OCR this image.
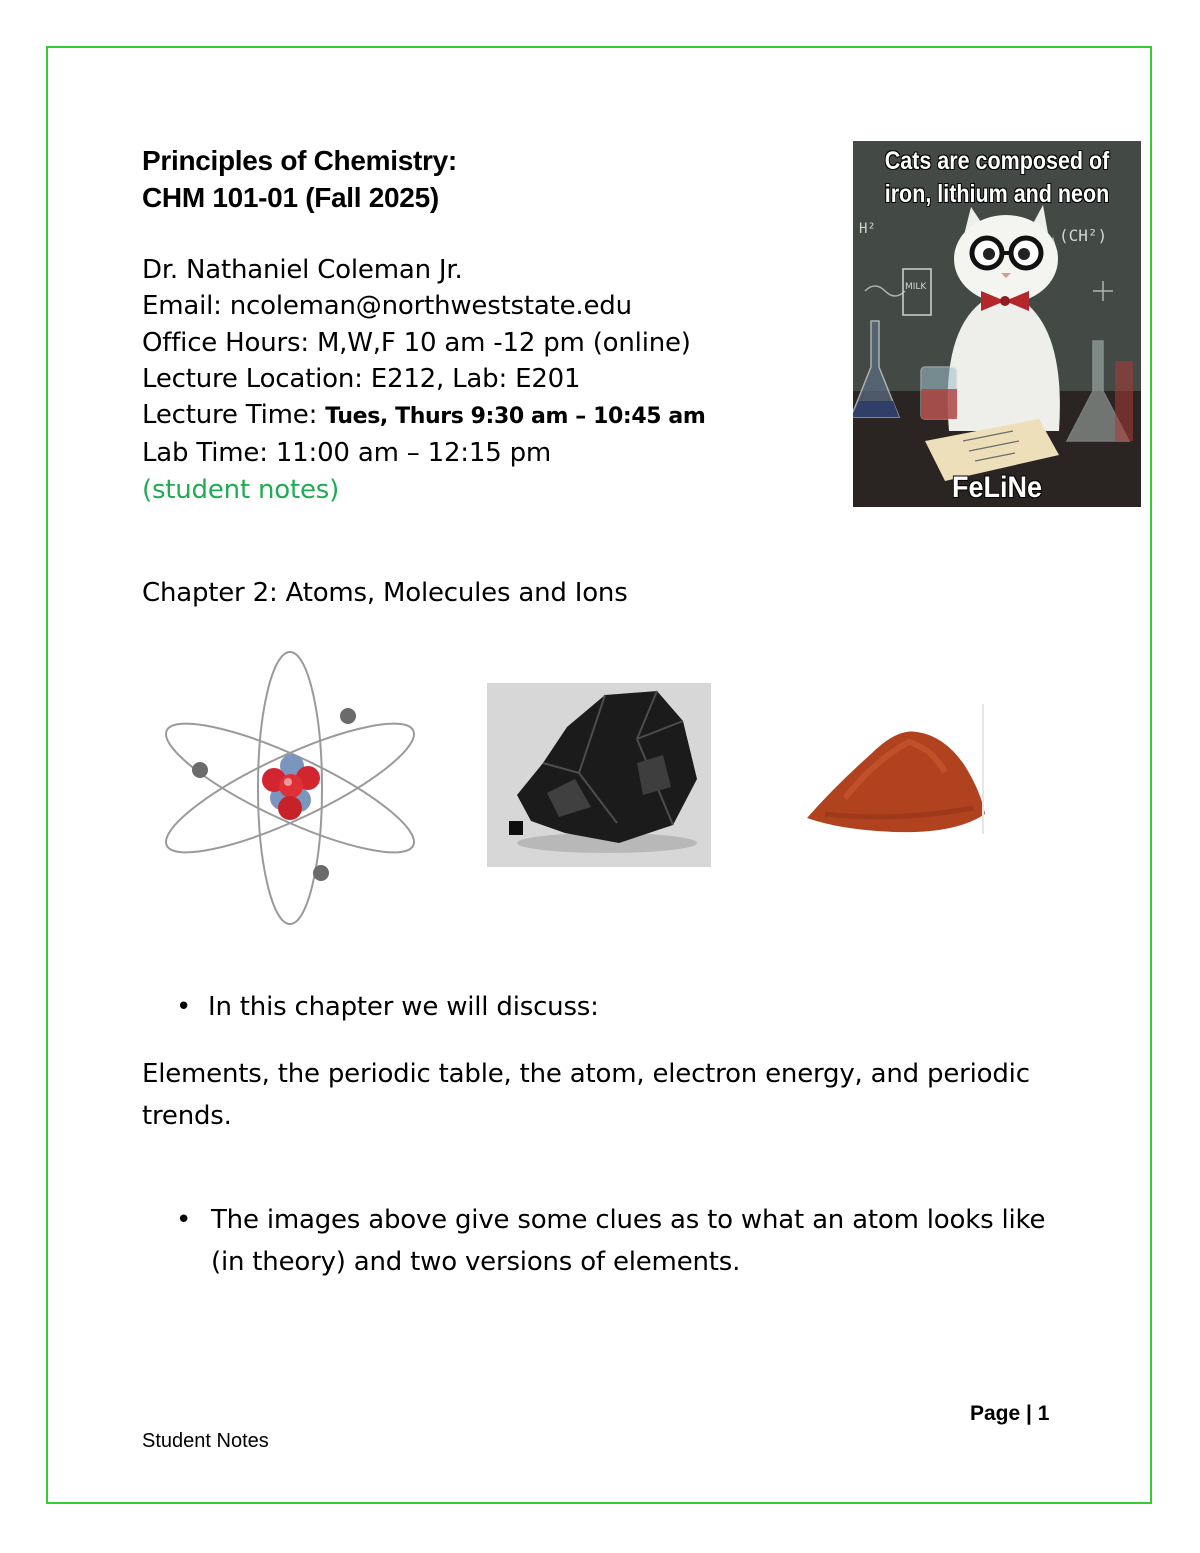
Principles of Chemistry:
CHM 101-01 (Fall 2025)
Dr. Nathaniel Coleman Jr.
Email: ncoleman@northweststate.edu
Office Hours: M,W,F 10 am -12 pm (online)
Lecture Location: E212, Lab: E201
Lecture Time: Tues, Thurs 9:30 am – 10:45 am
Lab Time: 11:00 am – 12:15 pm
(student notes)
H²	(CH²)
MILK
Cats are composed of
iron, lithium and neon
FeLiNe
Chapter 2: Atoms, Molecules and Ions
• In this chapter we will discuss:

Elements, the periodic table, the atom, electron energy, and periodic trends.

• The images above give some clues as to what an atom looks like (in theory) and two versions of elements.
Page | 1
Student Notes
